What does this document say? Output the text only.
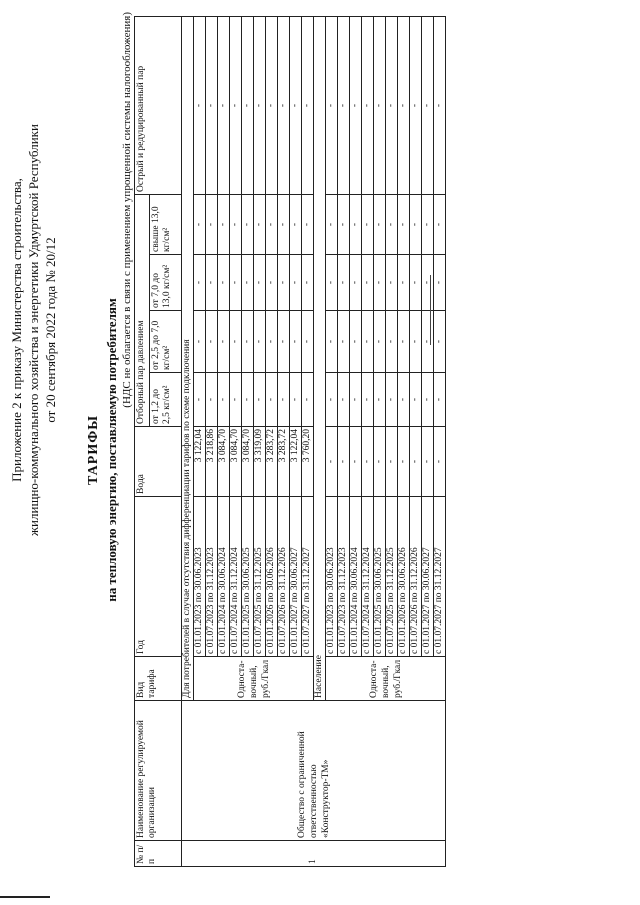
Приложение 2 к приказу Министерства строительства, жилищно-коммунального хозяйства и энергетики Удмуртской Республики от 20 сентября 2022 года № 20/12
ТАРИФЫ на тепловую энергию, поставляемую потребителям
(НДС не облагается в связи с применением упрощенной системы налогообложения)
№ п/п	Наименование регулируемой организации	Вид тарифа	Год	Вода	Отборный пар давлением				Острый и редуцированный пар
					от 1,2 до 2,5 кг/см²	от 2,5 до 7,0 кг/см²	от 7,0 до 13,0 кг/см²	свыше 13,0 кг/см²	
1	Общество с ограниченной ответственностью «Конструктор-ТМ»	Для потребителей в случае отсутствия дифференциации тарифов по схеме подключения							
		Односта-вочный, руб./Гкал	с 01.01.2023 по 30.06.2023	3 122,04	-	-	-	-	-
			с 01.07.2023 по 31.12.2023	3 218,86	-	-	-	-	-
			с 01.01.2024 по 30.06.2024	3 084,70	-	-	-	-	-
			с 01.07.2024 по 31.12.2024	3 084,70	-	-	-	-	-
			с 01.01.2025 по 30.06.2025	3 084,70	-	-	-	-	-
			с 01.07.2025 по 31.12.2025	3 319,09	-	-	-	-	-
			с 01.01.2026 по 30.06.2026	3 283,72	-	-	-	-	-
			с 01.07.2026 по 31.12.2026	3 283,72	-	-	-	-	-
			с 01.01.2027 по 30.06.2027	3 122,04	-	-	-	-	-
			с 01.07.2027 по 31.12.2027	3 760,20	-	-	-	-	-
		Население							
		Односта-вочный, руб./Гкал	с 01.01.2023 по 30.06.2023	-	-	-	-	-	-
			с 01.07.2023 по 31.12.2023	-	-	-	-	-	-
			с 01.01.2024 по 30.06.2024	-	-	-	-	-	-
			с 01.07.2024 по 31.12.2024	-	-	-	-	-	-
			с 01.01.2025 по 30.06.2025	-	-	-	-	-	-
			с 01.07.2025 по 31.12.2025	-	-	-	-	-	-
			с 01.01.2026 по 30.06.2026	-	-	-	-	-	-
			с 01.07.2026 по 31.12.2026	-	-	-	-	-	-
			с 01.01.2027 по 30.06.2027	-	-	-	-	-	-
			с 01.07.2027 по 31.12.2027	-	-	-	-	-	-
